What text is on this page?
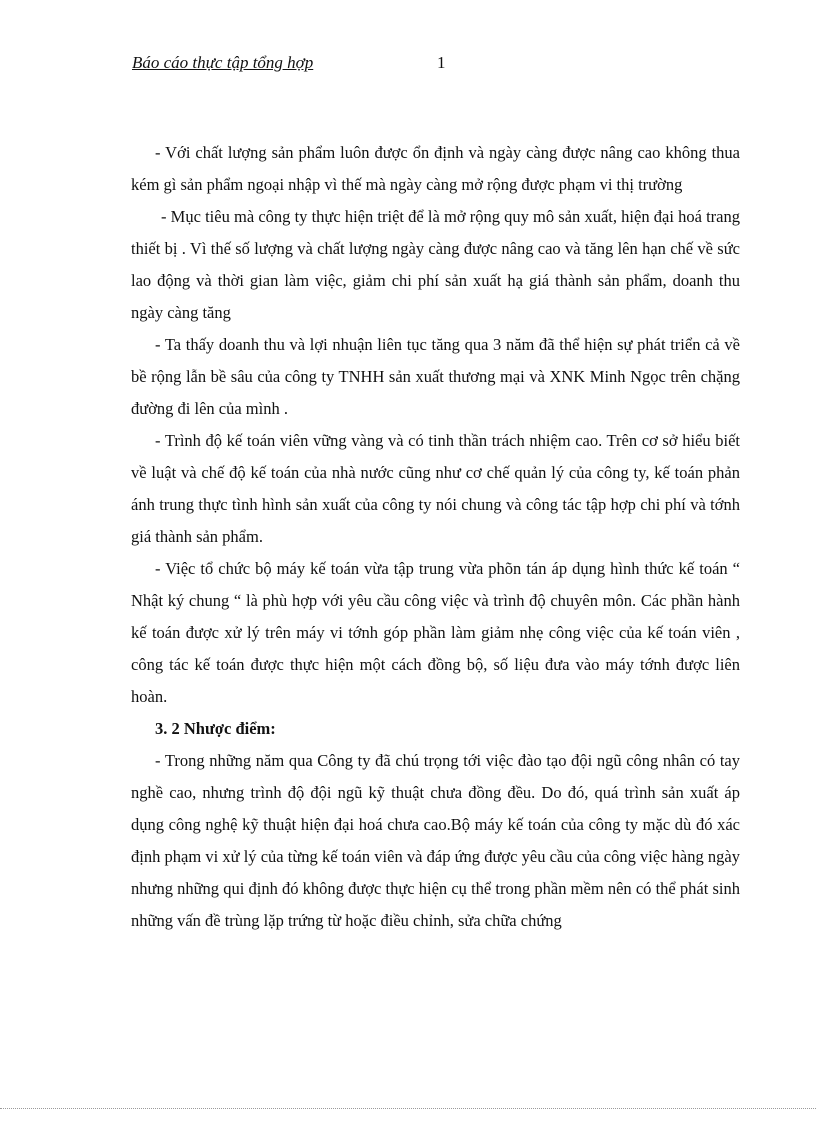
Báo cáo thực tập tổng hợp	1

- Với chất lượng sản phẩm luôn được ổn định và ngày càng được nâng cao không thua kém gì sản phẩm ngoại nhập vì thế mà ngày càng mở rộng được phạm vi thị trường

- Mục tiêu mà công ty thực hiện triệt để là mở rộng quy mô sản xuất, hiện đại hoá trang thiết bị . Vì thế số lượng và chất lượng ngày càng được nâng cao và tăng lên hạn chế về sức lao động và thời gian làm việc, giảm chi phí sản xuất hạ giá thành sản phẩm, doanh thu ngày càng tăng

- Ta thấy doanh thu và lợi nhuận liên tục tăng qua 3 năm đã thể hiện sự phát triển cả về bề rộng lẫn bề sâu của công ty TNHH sản xuất thương mại và XNK Minh Ngọc trên chặng đường đi lên của mình .

- Trình độ kế toán viên vững vàng và có tinh thần trách nhiệm cao. Trên cơ sở hiểu biết về luật và chế độ kế toán của nhà nước cũng như cơ chế quản lý của công ty, kế toán phản ánh trung thực tình hình sản xuất của công ty nói chung và công tác tập hợp chi phí và tớnh giá thành sản phẩm.

- Việc tổ chức bộ máy kế toán vừa tập trung vừa phõn tán áp dụng hình thức kế toán “ Nhật ký chung “ là phù hợp với yêu cầu công việc và trình độ chuyên môn. Các phần hành kế toán được xử lý trên máy vi tớnh góp phần làm giảm nhẹ công việc của kế toán viên , công tác kế toán được thực hiện một cách đồng bộ, số liệu đưa vào máy tớnh được liên hoàn.

3. 2 Nhược điểm:

- Trong những năm qua Công ty đã chú trọng tới việc đào tạo đội ngũ công nhân có tay nghề cao, nhưng trình độ đội ngũ kỹ thuật chưa đồng đều. Do đó, quá trình sản xuất áp dụng công nghệ kỹ thuật hiện đại hoá chưa cao.Bộ máy kế toán của công ty mặc dù đó xác định phạm vi xử lý của từng kế toán viên và đáp ứng được yêu cầu của công việc hàng ngày nhưng những qui định đó không được thực hiện cụ thể trong phần mềm nên có thể phát sinh những vấn đề trùng lặp trứng từ hoặc điều chỉnh, sửa chữa chứng
